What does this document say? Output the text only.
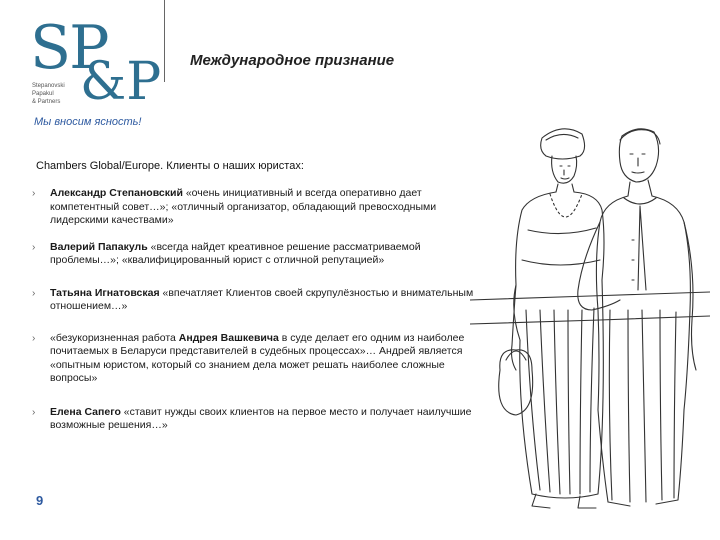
SP
&P
Stepanovski
Papakul
& Partners
Международное признание
Мы вносим ясность!
Chambers Global/Europe. Клиенты о наших юристах:
› Александр Степановский «очень инициативный и всегда оперативно дает компетентный совет…»; «отличный организатор, обладающий превосходными лидерскими качествами»
› Валерий Папакуль «всегда найдет креативное решение рассматриваемой проблемы…»; «квалифицированный юрист с отличной репутацией»
› Татьяна Игнатовская «впечатляет Клиентов своей скрупулёзностью и внимательным отношением…»
› «безукоризненная работа Андрея Вашкевича в суде делает его одним из наиболее почитаемых в Беларуси представителей в судебных процессах»… Андрей является «опытным юристом, который со знанием дела может решать наиболее сложные вопросы»
› Елена Сапего «ставит нужды своих клиентов на первое место и получает наилучшие возможные решения…»
9
